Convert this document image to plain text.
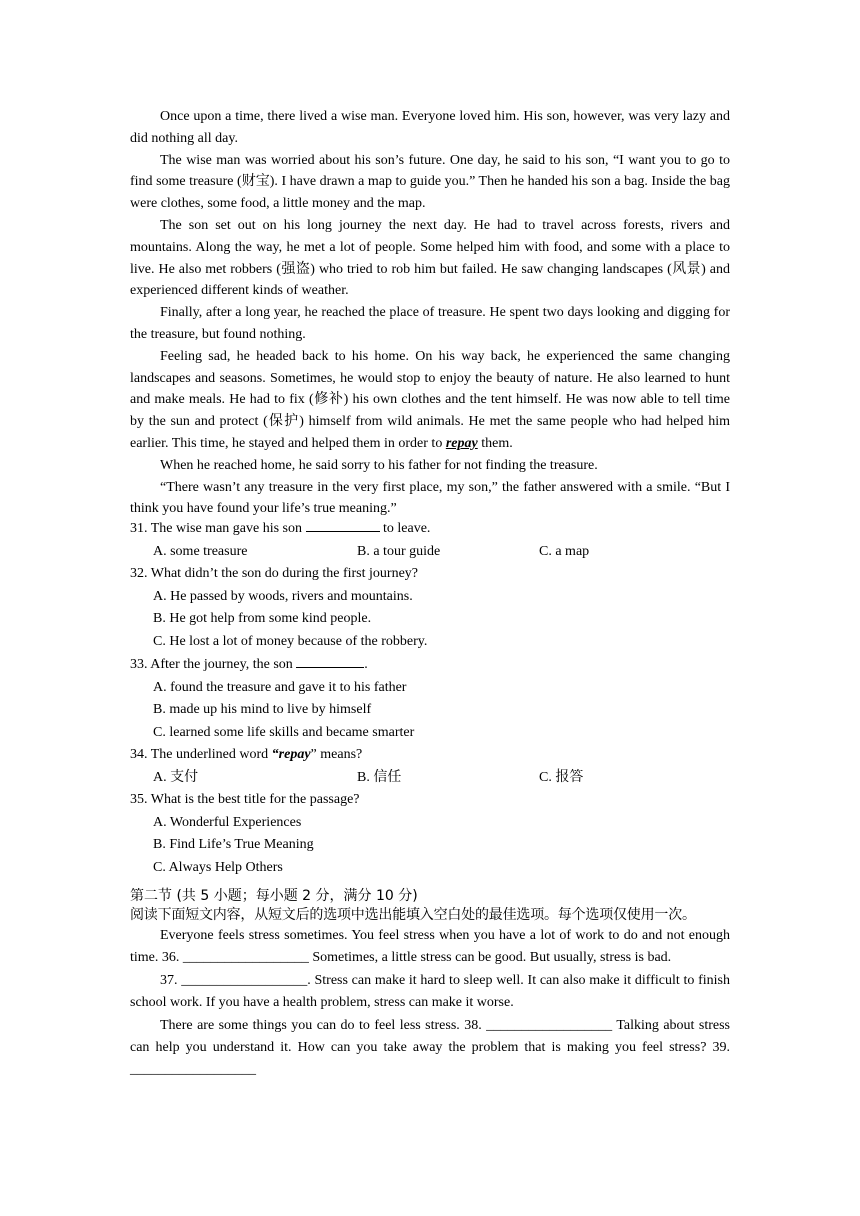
Once upon a time, there lived a wise man. Everyone loved him. His son, however, was very lazy and did nothing all day.

The wise man was worried about his son’s future. One day, he said to his son, “I want you to go to find some treasure (财宝). I have drawn a map to guide you.” Then he handed his son a bag. Inside the bag were clothes, some food, a little money and the map.

The son set out on his long journey the next day. He had to travel across forests, rivers and mountains. Along the way, he met a lot of people. Some helped him with food, and some with a place to live. He also met robbers (强盗) who tried to rob him but failed. He saw changing landscapes (风景) and experienced different kinds of weather.

Finally, after a long year, he reached the place of treasure. He spent two days looking and digging for the treasure, but found nothing.

Feeling sad, he headed back to his home. On his way back, he experienced the same changing landscapes and seasons. Sometimes, he would stop to enjoy the beauty of nature. He also learned to hunt and make meals. He had to fix (修补) his own clothes and the tent himself. He was now able to tell time by the sun and protect (保护) himself from wild animals. He met the same people who had helped him earlier. This time, he stayed and helped them in order to repay them.

When he reached home, he said sorry to his father for not finding the treasure.

“There wasn’t any treasure in the very first place, my son,” the father answered with a smile. “But I think you have found your life’s true meaning.”

31. The wise man gave his son	to leave.

A. some treasure	B. a tour guide	C. a map

32. What didn’t the son do during the first journey?

A. He passed by woods, rivers and mountains.

B. He got help from some kind people.

C. He lost a lot of money because of the robbery.

33. After the journey, the son	.

A. found the treasure and gave it to his father

B. made up his mind to live by himself

C. learned some life skills and became smarter

34. The underlined word “repay” means?

A. 支付	B. 信任	C. 报答

35. What is the best title for the passage?

A. Wonderful Experiences

B. Find Life’s True Meaning

C. Always Help Others

第二节 (共 5 小题；每小题 2 分，满分 10 分)

阅读下面短文内容，从短文后的选项中选出能填入空白处的最佳选项。每个选项仅使用一次。

Everyone feels stress sometimes. You feel stress when you have a lot of work to do and not enough time. 36. __________________ Sometimes, a little stress can be good. But usually, stress is bad.

37. __________________. Stress can make it hard to sleep well. It can also make it difficult to finish school work. If you have a health problem, stress can make it worse.

There are some things you can do to feel less stress. 38. __________________ Talking about stress can help you understand it. How can you take away the problem that is making you feel stress? 39. __________________
